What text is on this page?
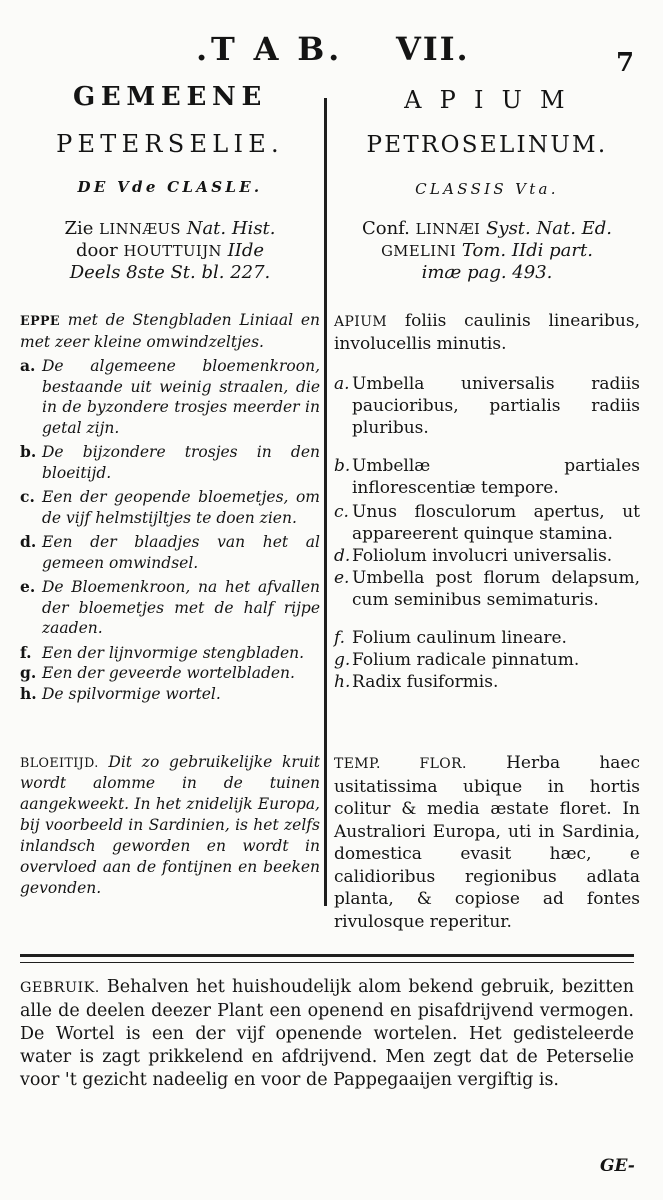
.T A B. VII.	7
GEMEENE
PETERSELIE.
DE Vde CLASLE.
Zie LINNÆUS Nat. Hist.
door HOUTTUIJN IIde
Deels 8ste St. bl. 227.
A P I U M
PETROSELINUM.
CLASSIS Vta.
Conf. LINNÆI Syst. Nat. Ed.
GMELINI Tom. IIdi part.
imæ pag. 493.
EPPE met de Stengbladen Liniaal en met zeer kleine omwindzeltjes.
a. De algemeene bloemenkroon, bestaande uit weinig straalen, die in de byzondere trosjes meerder in getal zijn.
b. De bijzondere trosjes in den bloeitijd.
c. Een der geopende bloemetjes, om de vijf helmstijltjes te doen zien.
d. Een der blaadjes van het al gemeen omwindsel.
e. De Bloemenkroon, na het afvallen der bloemetjes met de half rijpe zaaden.
f. Een der lijnvormige stengbladen.
g. Een der geveerde wortelbladen.
h. De spilvormige wortel.
BLOEITIJD. Dit zo gebruikelijke kruit wordt alomme in de tuinen aangekweekt. In het znidelijk Europa, bij voorbeeld in Sardinien, is het zelfs inlandsch geworden en wordt in overvloed aan de fontijnen en beeken gevonden.
APIUM foliis caulinis linearibus, involucellis minutis.
a. Umbella universalis radiis paucioribus, partialis radiis pluribus.
b. Umbellæ partiales inflorescentiæ tempore.
c. Unus flosculorum apertus, ut appareerent quinque stamina.
d. Foliolum involucri universalis.
e. Umbella post florum delapsum, cum seminibus semimaturis.
f. Folium caulinum lineare.
g. Folium radicale pinnatum.
h. Radix fusiformis.
TEMP. FLOR. Herba haec usitatissima ubique in hortis colitur & media æstate floret. In Australiori Europa, uti in Sardinia, domestica evasit hæc, e calidioribus regionibus adlata planta, & copiose ad fontes rivulosque reperitur.
GEBRUIK. Behalven het huishoudelijk alom bekend gebruik, bezitten alle de deelen deezer Plant een openend en pisafdrijvend vermogen. De Wortel is een der vijf openende wortelen. Het gedisteleerde water is zagt prikkelend en afdrijvend. Men zegt dat de Peterselie voor 't gezicht nadeelig en voor de Pappegaaijen vergiftig is.
GE-
